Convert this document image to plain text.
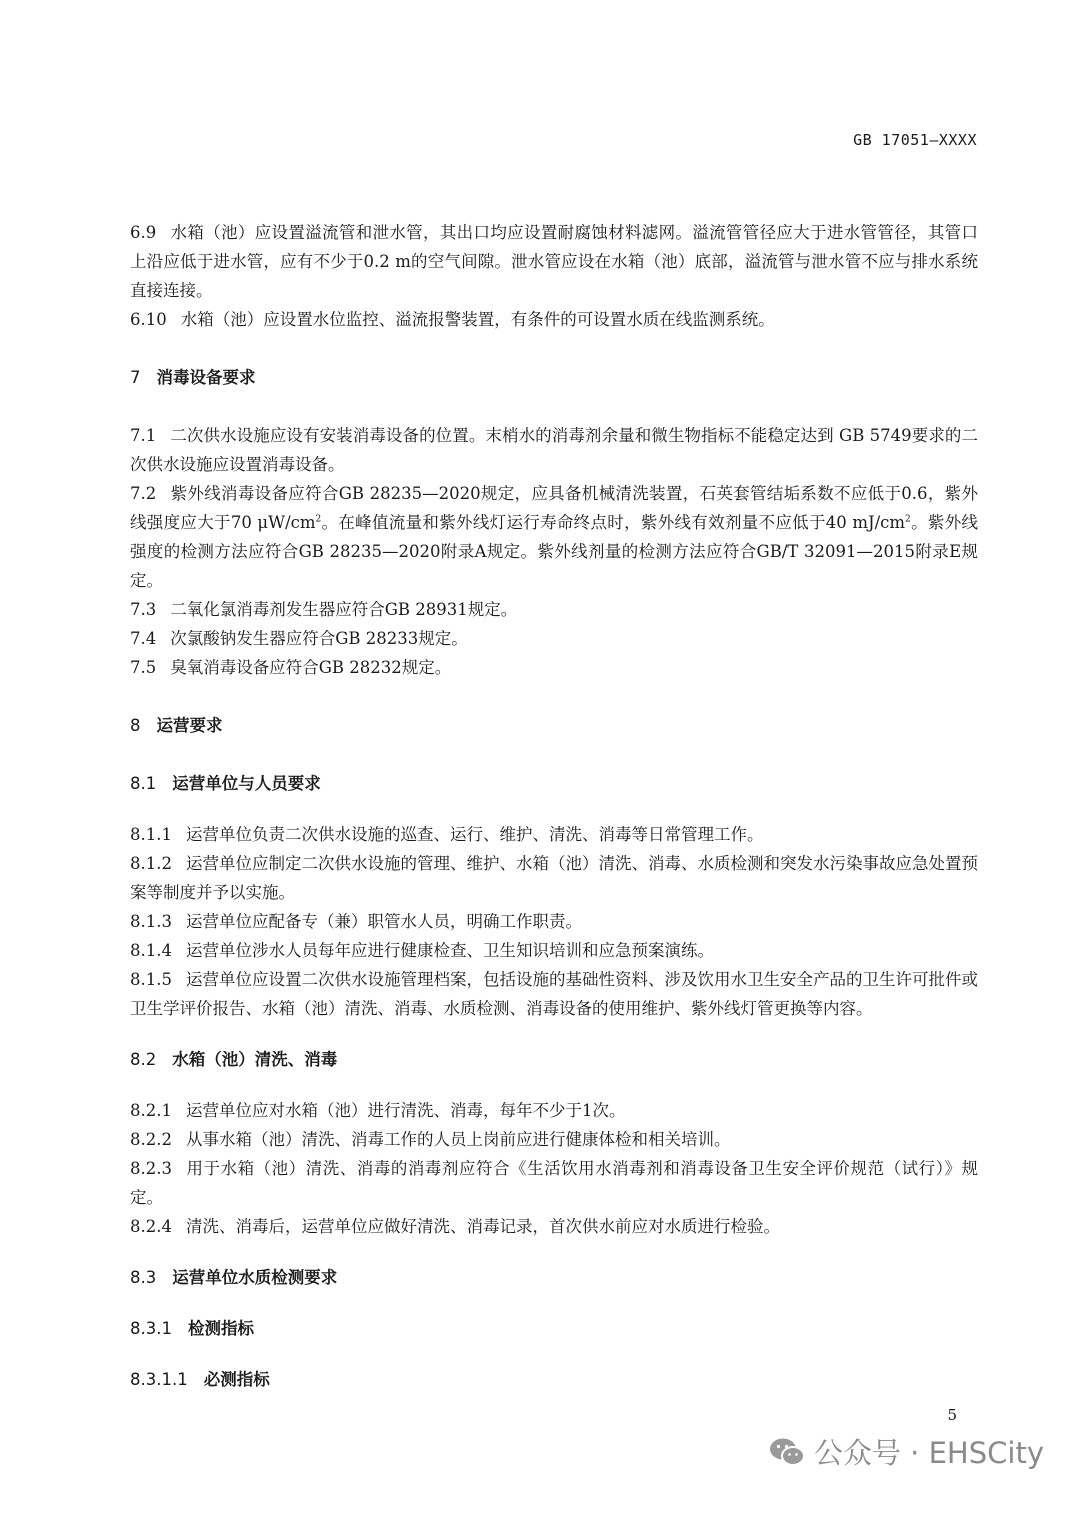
GB 17051—XXXX

6.9 水箱（池）应设置溢流管和泄水管，其出口均应设置耐腐蚀材料滤网。溢流管管径应大于进水管管径，其管口上沿应低于进水管，应有不少于0.2 m的空气间隙。泄水管应设在水箱（池）底部，溢流管与泄水管不应与排水系统直接连接。

6.10 水箱（池）应设置水位监控、溢流报警装置，有条件的可设置水质在线监测系统。

7 消毒设备要求

7.1 二次供水设施应设有安装消毒设备的位置。末梢水的消毒剂余量和微生物指标不能稳定达到 GB 5749要求的二次供水设施应设置消毒设备。

7.2 紫外线消毒设备应符合GB 28235—2020规定，应具备机械清洗装置，石英套管结垢系数不应低于0.6，紫外线强度应大于70 $\mu W/cm^2$。在峰值流量和紫外线灯运行寿命终点时，紫外线有效剂量不应低于40 $mJ/cm^2$。紫外线强度的检测方法应符合GB 28235—2020附录A规定。紫外线剂量的检测方法应符合GB/T 32091—2015附录E规定。

7.3 二氧化氯消毒剂发生器应符合GB 28931规定。

7.4 次氯酸钠发生器应符合GB 28233规定。

7.5 臭氧消毒设备应符合GB 28232规定。

8 运营要求

8.1 运营单位与人员要求

8.1.1 运营单位负责二次供水设施的巡查、运行、维护、清洗、消毒等日常管理工作。

8.1.2 运营单位应制定二次供水设施的管理、维护、水箱（池）清洗、消毒、水质检测和突发水污染事故应急处置预案等制度并予以实施。

8.1.3 运营单位应配备专（兼）职管水人员，明确工作职责。

8.1.4 运营单位涉水人员每年应进行健康检查、卫生知识培训和应急预案演练。

8.1.5 运营单位应设置二次供水设施管理档案，包括设施的基础性资料、涉及饮用水卫生安全产品的卫生许可批件或卫生学评价报告、水箱（池）清洗、消毒、水质检测、消毒设备的使用维护、紫外线灯管更换等内容。

8.2 水箱（池）清洗、消毒

8.2.1 运营单位应对水箱（池）进行清洗、消毒，每年不少于1次。

8.2.2 从事水箱（池）清洗、消毒工作的人员上岗前应进行健康体检和相关培训。

8.2.3 用于水箱（池）清洗、消毒的消毒剂应符合《生活饮用水消毒剂和消毒设备卫生安全评价规范（试行）》规定。

8.2.4 清洗、消毒后，运营单位应做好清洗、消毒记录，首次供水前应对水质进行检验。

8.3 运营单位水质检测要求

8.3.1 检测指标

8.3.1.1 必测指标

5
公众号 · EHSCity
